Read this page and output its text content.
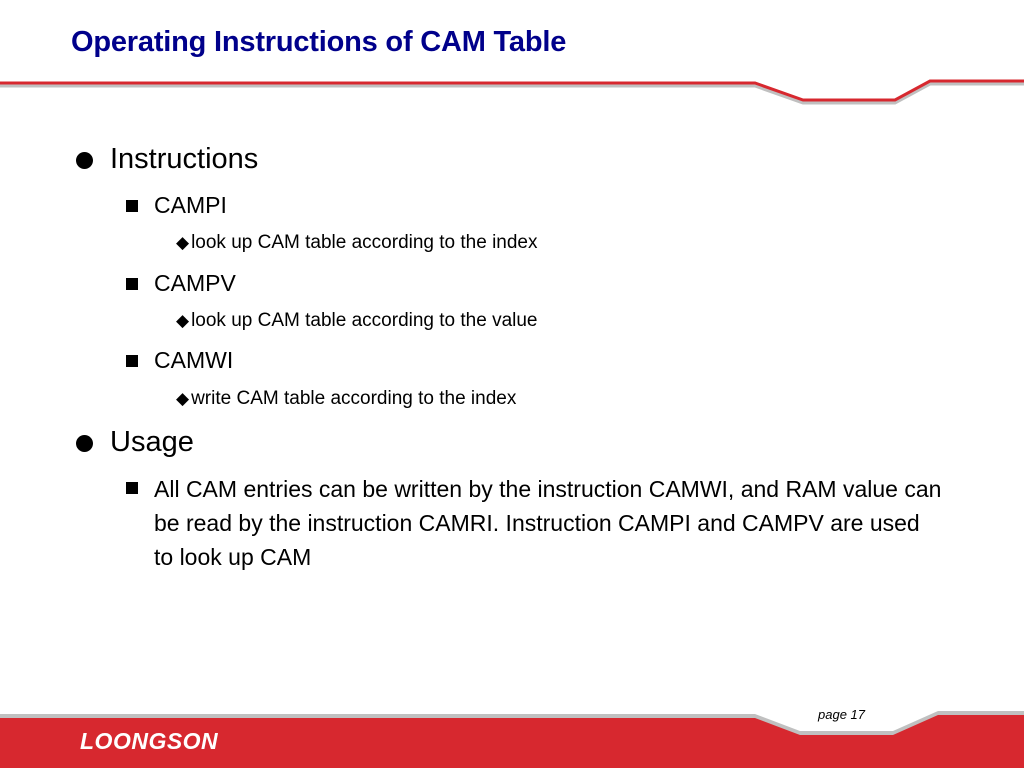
Operating Instructions of CAM Table
Instructions
CAMPI
◆ look up CAM table according to the index
CAMPV
◆ look up CAM table according to the value
CAMWI
◆ write CAM table according to the index
Usage
All CAM entries can be written by the instruction CAMWI, and RAM value can be read by the instruction CAMRI. Instruction CAMPI and CAMPV are used to look up CAM
page 17
LOONGSON
